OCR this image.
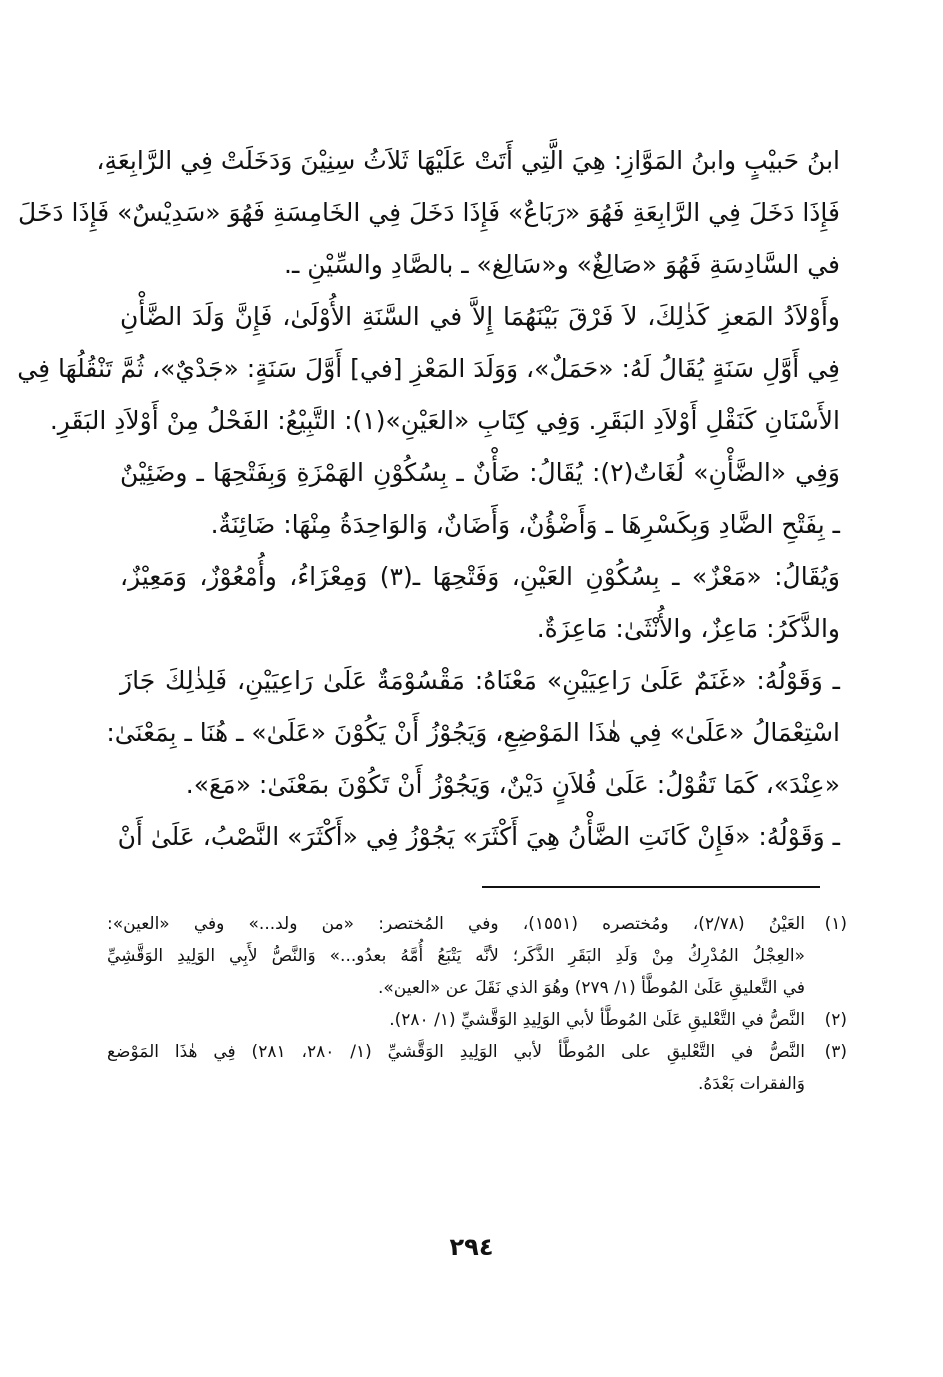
ابنُ حَبيْبٍ وابنُ المَوَّازِ: هِيَ الَّتِي أَتَتْ عَلَيْهَا ثَلاَثُ سِنِيْنَ وَدَخَلَتْ فِي الرَّابِعَةِ،
فَإِذَا دَخَلَ فِي الرَّابِعَةِ فَهُوَ «رَبَاعٌ» فَإِذَا دَخَلَ فِي الخَامِسَةِ فَهُوَ «سَدِيْسٌ» فَإِذَا دَخَلَ
في السَّادِسَةِ فَهُوَ «صَالِغٌ» و«سَالِغ» ـ بالصَّادِ والسِّيْنِ ـ.
وأَوْلاَدُ المَعزِ كَذٰلِكَ، لاَ فَرْقَ بَيْنَهُمَا إِلاَّ في السَّنَةِ الأُوْلَىٰ، فَإِنَّ وَلَدَ الضَّأْنِ
فِي أَوَّلِ سَنَةٍ يُقَالُ لَهُ: «حَمَلٌ»، وَوَلَدَ المَعْزِ [في] أَوَّلَ سَنَةٍ: «جَدْيٌ»، ثُمَّ تَنْقُلُهَا فِي
الأَسْنَانِ كَنَقْلِ أَوْلاَدِ البَقَرِ. وَفِي كِتَابِ «العَيْنِ»(١): التَّبِيْعُ: الفَحْلُ مِنْ أَوْلاَدِ البَقَرِ.
وَفِي «الضَّأْنِ» لُغَاتٌ(٢): يُقَالُ: ضَأْنٌ ـ بِسُكُوْنِ الهَمْزَةِ وَبِفَتْحِهَا ـ وضَئِيْنٌ
ـ بِفَتْحِ الضَّادِ وَبِكَسْرِهَا ـ وَأَضْؤُنٌ، وَأَضَانٌ، وَالوَاحِدَةُ مِنْهَا: ضَائِنَةٌ.
وَيُقَالُ: «مَعْزٌ» ـ بِسُكُوْنِ العَيْنِ، وَفَتْحِهَا ـ(٣) وَمِعْزَاءُ، وأُمْعُوْزٌ، وَمَعِيْزٌ،
والذَّكَرُ: مَاعِزٌ، والأُنْثَىٰ: مَاعِزَةٌ.
ـ وَقَوْلُهُ: «غَنَمٌ عَلَىٰ رَاعِيَيْنِ» مَعْنَاهُ: مَقْسُوْمَةٌ عَلَىٰ رَاعِيَيْنِ، فَلِذٰلِكَ جَازَ
اسْتِعْمَالُ «عَلَىٰ» فِي هٰذَا المَوْضِعِ، وَيَجُوْزُ أَنْ يَكُوْنَ «عَلَىٰ» ـ هُنَا ـ بِمَعْنَىٰ:
«عِنْدَ»، كَمَا تَقُوْلُ: عَلَىٰ فُلاَنٍ دَيْنٌ، وَيَجُوْزُ أَنْ تَكُوْنَ بمَعْنَىٰ: «مَعَ».
ـ وَقَوْلُهُ: «فَإِنْ كَانَتِ الضَّأْنُ هِيَ أَكْثَرَ» يَجُوْزُ فِي «أَكْثَرَ» النَّصْبُ، عَلَىٰ أَنْ
(١)العَيْنُ (٢/٧٨)، ومُختصره (١٥٥١)، وفي المُختصر: «من ولد...» وفي «العين»:
«العِجْلُ المُدْرِكُ مِنْ وَلَدِ البَقَرِ الذَّكَر؛ لأنَّه يَتْبَعُ أُمَّهُ بعدُو...» وَالنَّصُّ لأَبِي الوَلِيدِ الوَقَّشِيِّ
في التَّعليقِ عَلَىٰ المُوطَّأ (١/ ٢٧٩) وهُوَ الذي نَقَلَ عن «العين».
(٢)النَّصُّ في التَّعْليقِ عَلَىٰ المُوطَّأ لأبي الوَلِيدِ الوَقَّشيِّ (١/ ٢٨٠).
(٣)النَّصُّ في التَّعْليقِ على المُوطَّأ لأبي الوَلِيدِ الوَقَّشيِّ (١/ ٢٨٠، ٢٨١) فِي هٰذَا المَوْضع
وَالفقرات بَعْدَهُ.
٢٩٤
